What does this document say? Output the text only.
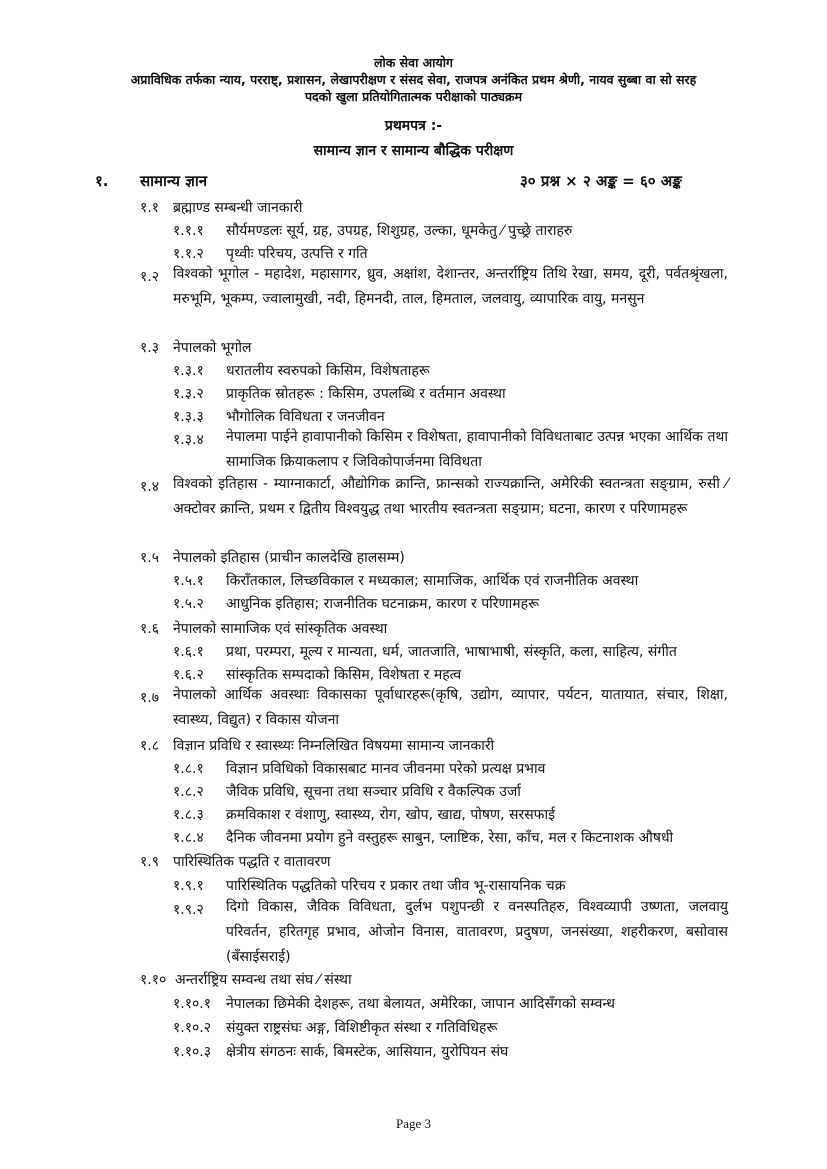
लोक सेवा आयोग
अप्राविधिक तर्फका न्याय, परराष्ट्, प्रशासन, लेखापरीक्षण र संसद सेवा, राजपत्र अनंकित प्रथम श्रेणी, नायव सुब्बा वा सो सरह
पदको खुला प्रतियोगितात्मक परीक्षाको पाठ्यक्रम
प्रथमपत्र :-
सामान्य ज्ञान र सामान्य बौद्धिक परीक्षण
१. सामान्य ज्ञान	३० प्रश्न × २ अङ्क = ६० अङ्क
१.१ ब्रह्माण्ड सम्बन्धी जानकारी
१.१.१ सौर्यमण्डलः सूर्य, ग्रह, उपग्रह, शिशुग्रह, उल्का, धूमकेतु ⁄ पुच्छ्रे ताराहरु
१.१.२ पृथ्वीः परिचय, उत्पत्ति र गति
१.२ विश्वको भूगोल - महादेश, महासागर, ध्रुव, अक्षांश, देशान्तर, अन्तर्राष्ट्रिय तिथि रेखा, समय, दूरी, पर्वतश्रृंखला, मरुभूमि, भूकम्प, ज्वालामुखी, नदी, हिमनदी, ताल, हिमताल, जलवायु, व्यापारिक वायु, मनसुन
१.३ नेपालको भूगोल
१.३.१ धरातलीय स्वरुपको किसिम, विशेषताहरू
१.३.२ प्राकृतिक स्रोतहरू : किसिम, उपलब्धि र वर्तमान अवस्था
१.३.३ भौगोलिक विविधता र जनजीवन
१.३.४ नेपालमा पाईने हावापानीको किसिम र विशेषता, हावापानीको विविधताबाट उत्पन्न भएका आर्थिक तथा सामाजिक क्रियाकलाप र जिविकोपार्जनमा विविधता
१.४ विश्वको इतिहास - म्याग्नाकार्टा, औद्योगिक क्रान्ति, फ्रान्सको राज्यक्रान्ति, अमेरिकी स्वतन्त्रता सङ्ग्राम, रुसी ⁄ अक्टोवर क्रान्ति, प्रथम र द्वितीय विश्वयुद्ध तथा भारतीय स्वतन्त्रता सङ्ग्राम; घटना, कारण र परिणामहरू
१.५ नेपालको इतिहास (प्राचीन कालदेखि हालसम्म)
१.५.१ किराँतकाल, लिच्छविकाल र मध्यकाल; सामाजिक, आर्थिक एवं राजनीतिक अवस्था
१.५.२ आधुनिक इतिहास; राजनीतिक घटनाक्रम, कारण र परिणामहरू
१.६ नेपालको सामाजिक एवं सांस्कृतिक अवस्था
१.६.१ प्रथा, परम्परा, मूल्य र मान्यता, धर्म, जातजाति, भाषाभाषी, संस्कृति, कला, साहित्य, संगीत
१.६.२ सांस्कृतिक सम्पदाको किसिम, विशेषता र महत्व
१.७ नेपालको आर्थिक अवस्थाः विकासका पूर्वाधारहरू(कृषि, उद्योग, व्यापार, पर्यटन, यातायात, संचार, शिक्षा, स्वास्थ्य, विद्युत) र विकास योजना
१.८ विज्ञान प्रविधि र स्वास्थ्यः निम्नलिखित विषयमा सामान्य जानकारी
१.८.१ विज्ञान प्रविधिको विकासबाट मानव जीवनमा परेको प्रत्यक्ष प्रभाव
१.८.२ जैविक प्रविधि, सूचना तथा सञ्चार प्रविधि र वैकल्पिक उर्जा
१.८.३ क्रमविकाश र वंशाणु, स्वास्थ्य, रोग, खोप, खाद्य, पोषण, सरसफाई
१.८.४ दैनिक जीवनमा प्रयोग हुने वस्तुहरू साबुन, प्लाष्टिक, रेसा, काँच, मल र किटनाशक औषधी
१.९ पारिस्थितिक पद्धति र वातावरण
१.९.१ पारिस्थितिक पद्धतिको परिचय र प्रकार तथा जीव भू-रासायनिक चक्र
१.९.२ दिगो विकास, जैविक विविधता, दुर्लभ पशुपन्छी र वनस्पतिहरु, विश्वव्यापी उष्णता, जलवायु परिवर्तन, हरितगृह प्रभाव, ओजोन विनास, वातावरण, प्रदुषण, जनसंख्या, शहरीकरण, बसोवास (बँसाईसराई)
१.१० अन्तर्राष्ट्रिय सम्वन्ध तथा संघ ⁄ संस्था
१.१०.१ नेपालका छिमेकी देशहरू, तथा बेलायत, अमेरिका, जापान आदिसँगको सम्वन्ध
१.१०.२ संयुक्त राष्ट्रसंघः अङ्ग, विशिष्टीकृत संस्था र गतिविधिहरू
१.१०.३ क्षेत्रीय संगठनः सार्क, बिमस्टेक, आसियान, युरोपियन संघ
Page 3
